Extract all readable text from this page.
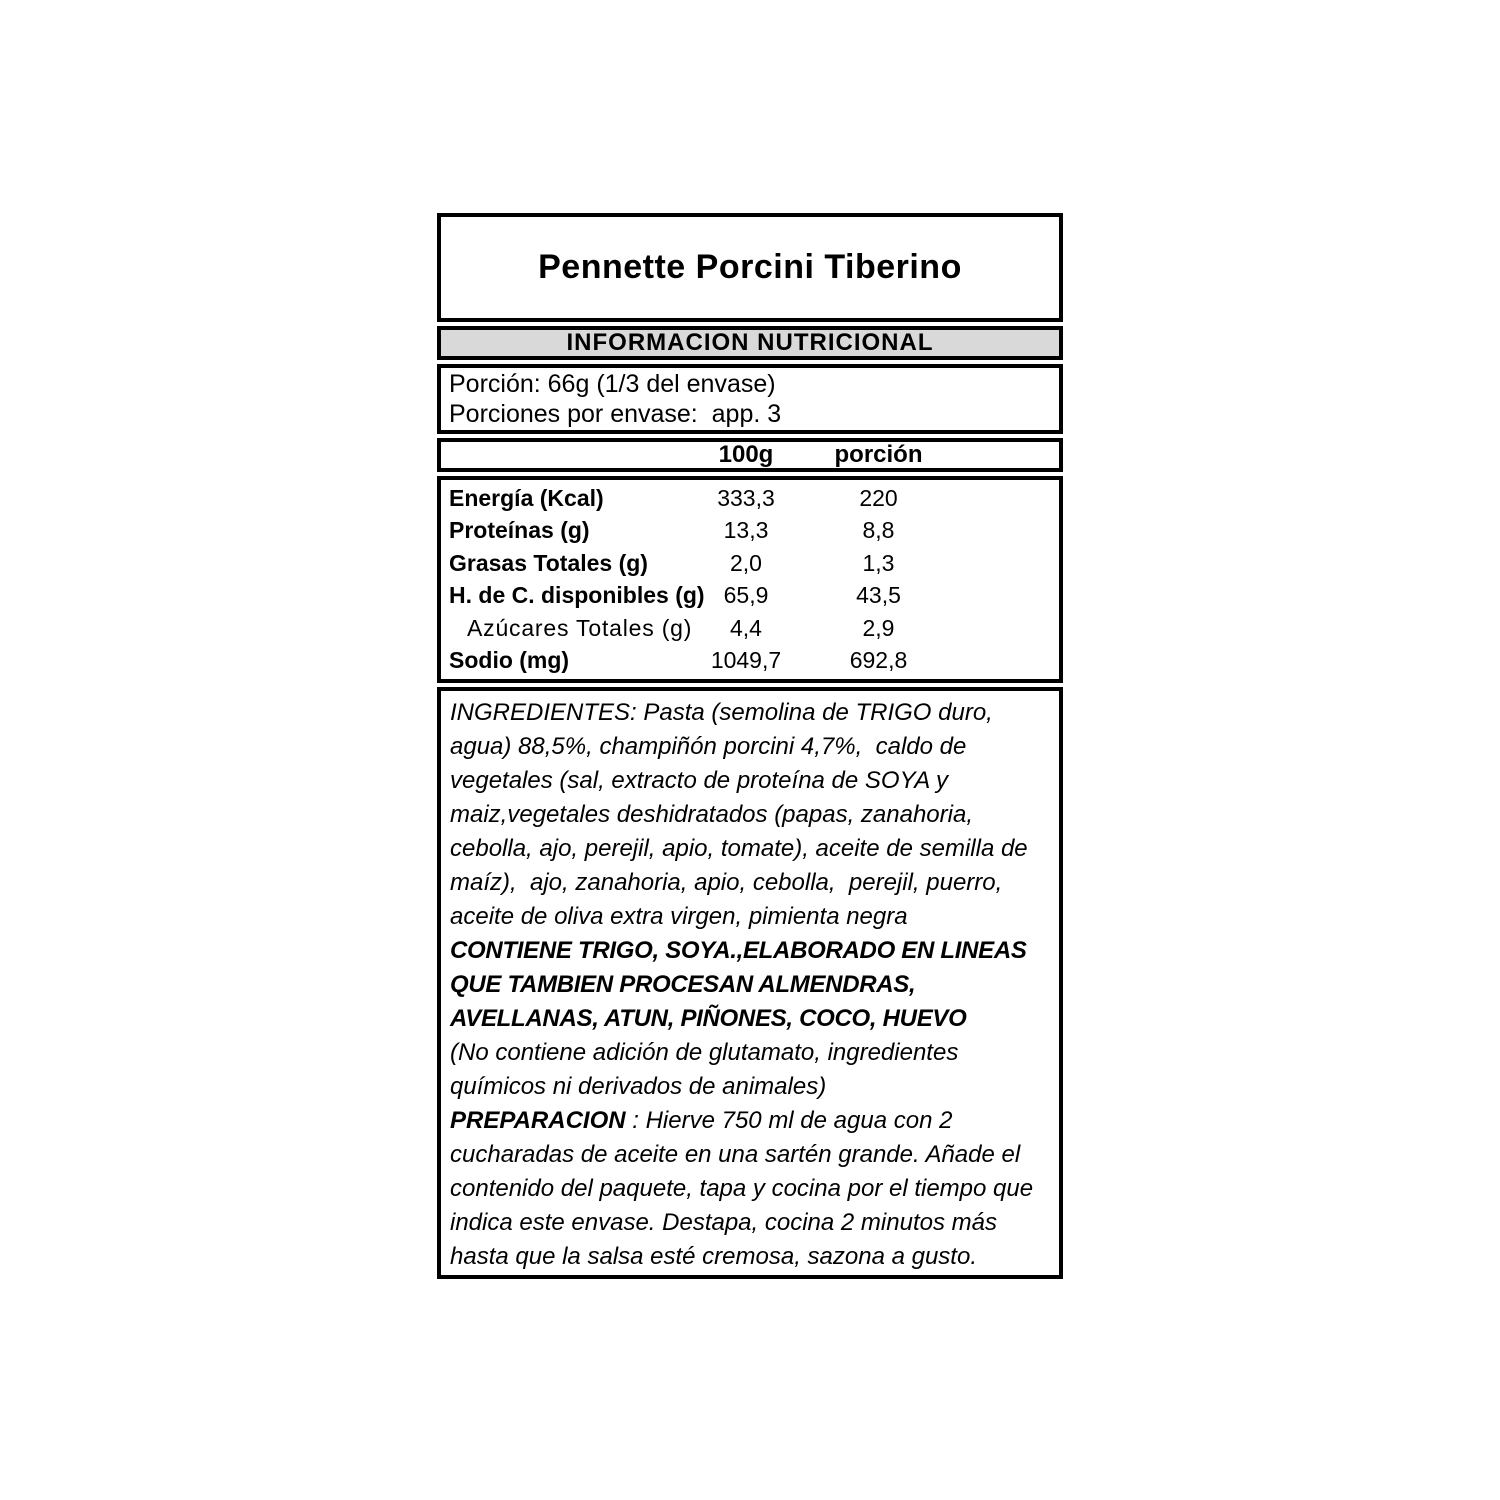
Pennette Porcini Tiberino
INFORMACION NUTRICIONAL
Porción: 66g (1/3 del envase)
Porciones por envase:  app. 3
100g	porción
Energía (Kcal)	333,3	220
Proteínas (g)	13,3	8,8
Grasas Totales (g)	2,0	1,3
H. de C. disponibles (g) 65,9	43,5
Azúcares Totales (g)	4,4	2,9
Sodio (mg)	1049,7	692,8

INGREDIENTES: Pasta (semolina de TRIGO duro, agua) 88,5%, champiñón porcini 4,7%,  caldo de vegetales (sal, extracto de proteína de SOYA y maiz,vegetales deshidratados (papas, zanahoria, cebolla, ajo, perejil, apio, tomate), aceite de semilla de maíz),  ajo, zanahoria, apio, cebolla,  perejil, puerro,  aceite de oliva extra virgen, pimienta negra

CONTIENE TRIGO, SOYA.,ELABORADO EN LINEAS QUE TAMBIEN PROCESAN ALMENDRAS, AVELLANAS, ATUN, PIÑONES, COCO, HUEVO

(No contiene adición de glutamato, ingredientes químicos ni derivados de animales)

PREPARACION : Hierve 750 ml de agua con 2 cucharadas de aceite en una sartén grande. Añade el contenido del paquete, tapa y cocina por el tiempo que indica este envase. Destapa, cocina 2 minutos más hasta que la salsa esté cremosa, sazona a gusto.
